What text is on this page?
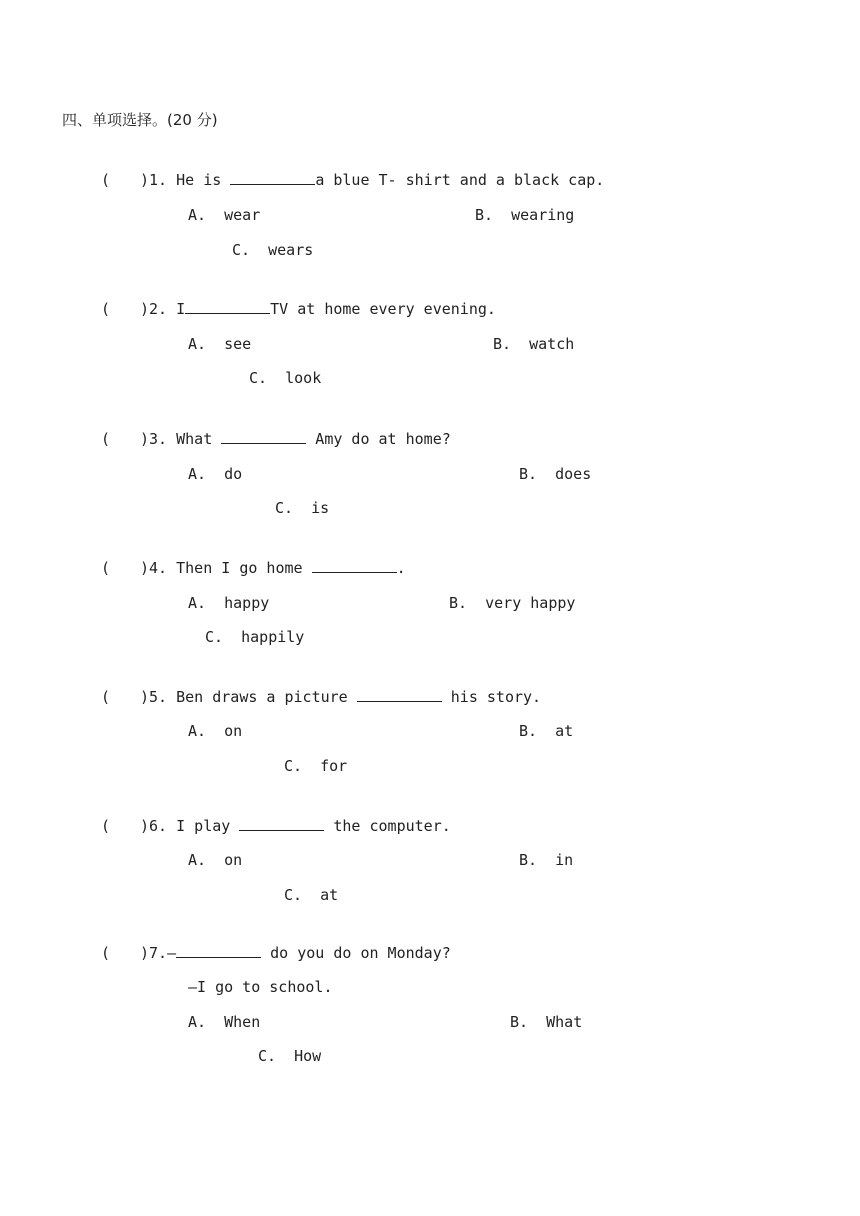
四、单项选择。(20 分)
( )1. He is	a blue T- shirt and a black cap.
A.  wear	B.  wearing
C.  wears
( )2. I	TV at home every evening.
A.  see	B.  watch
C.  look
( )3. What	Amy do at home?
A.  do	B.  does
C.  is
( )4. Then I go home	.
A.  happy	B.  very happy
C.  happily
( )5. Ben draws a picture	his story.
A.  on	B.  at
C.  for
( )6. I play	the computer.
A.  on	B.  in
C.  at
( )7.—	do you do on Monday?
—I go to school.
A.  When	B.  What
C.  How
